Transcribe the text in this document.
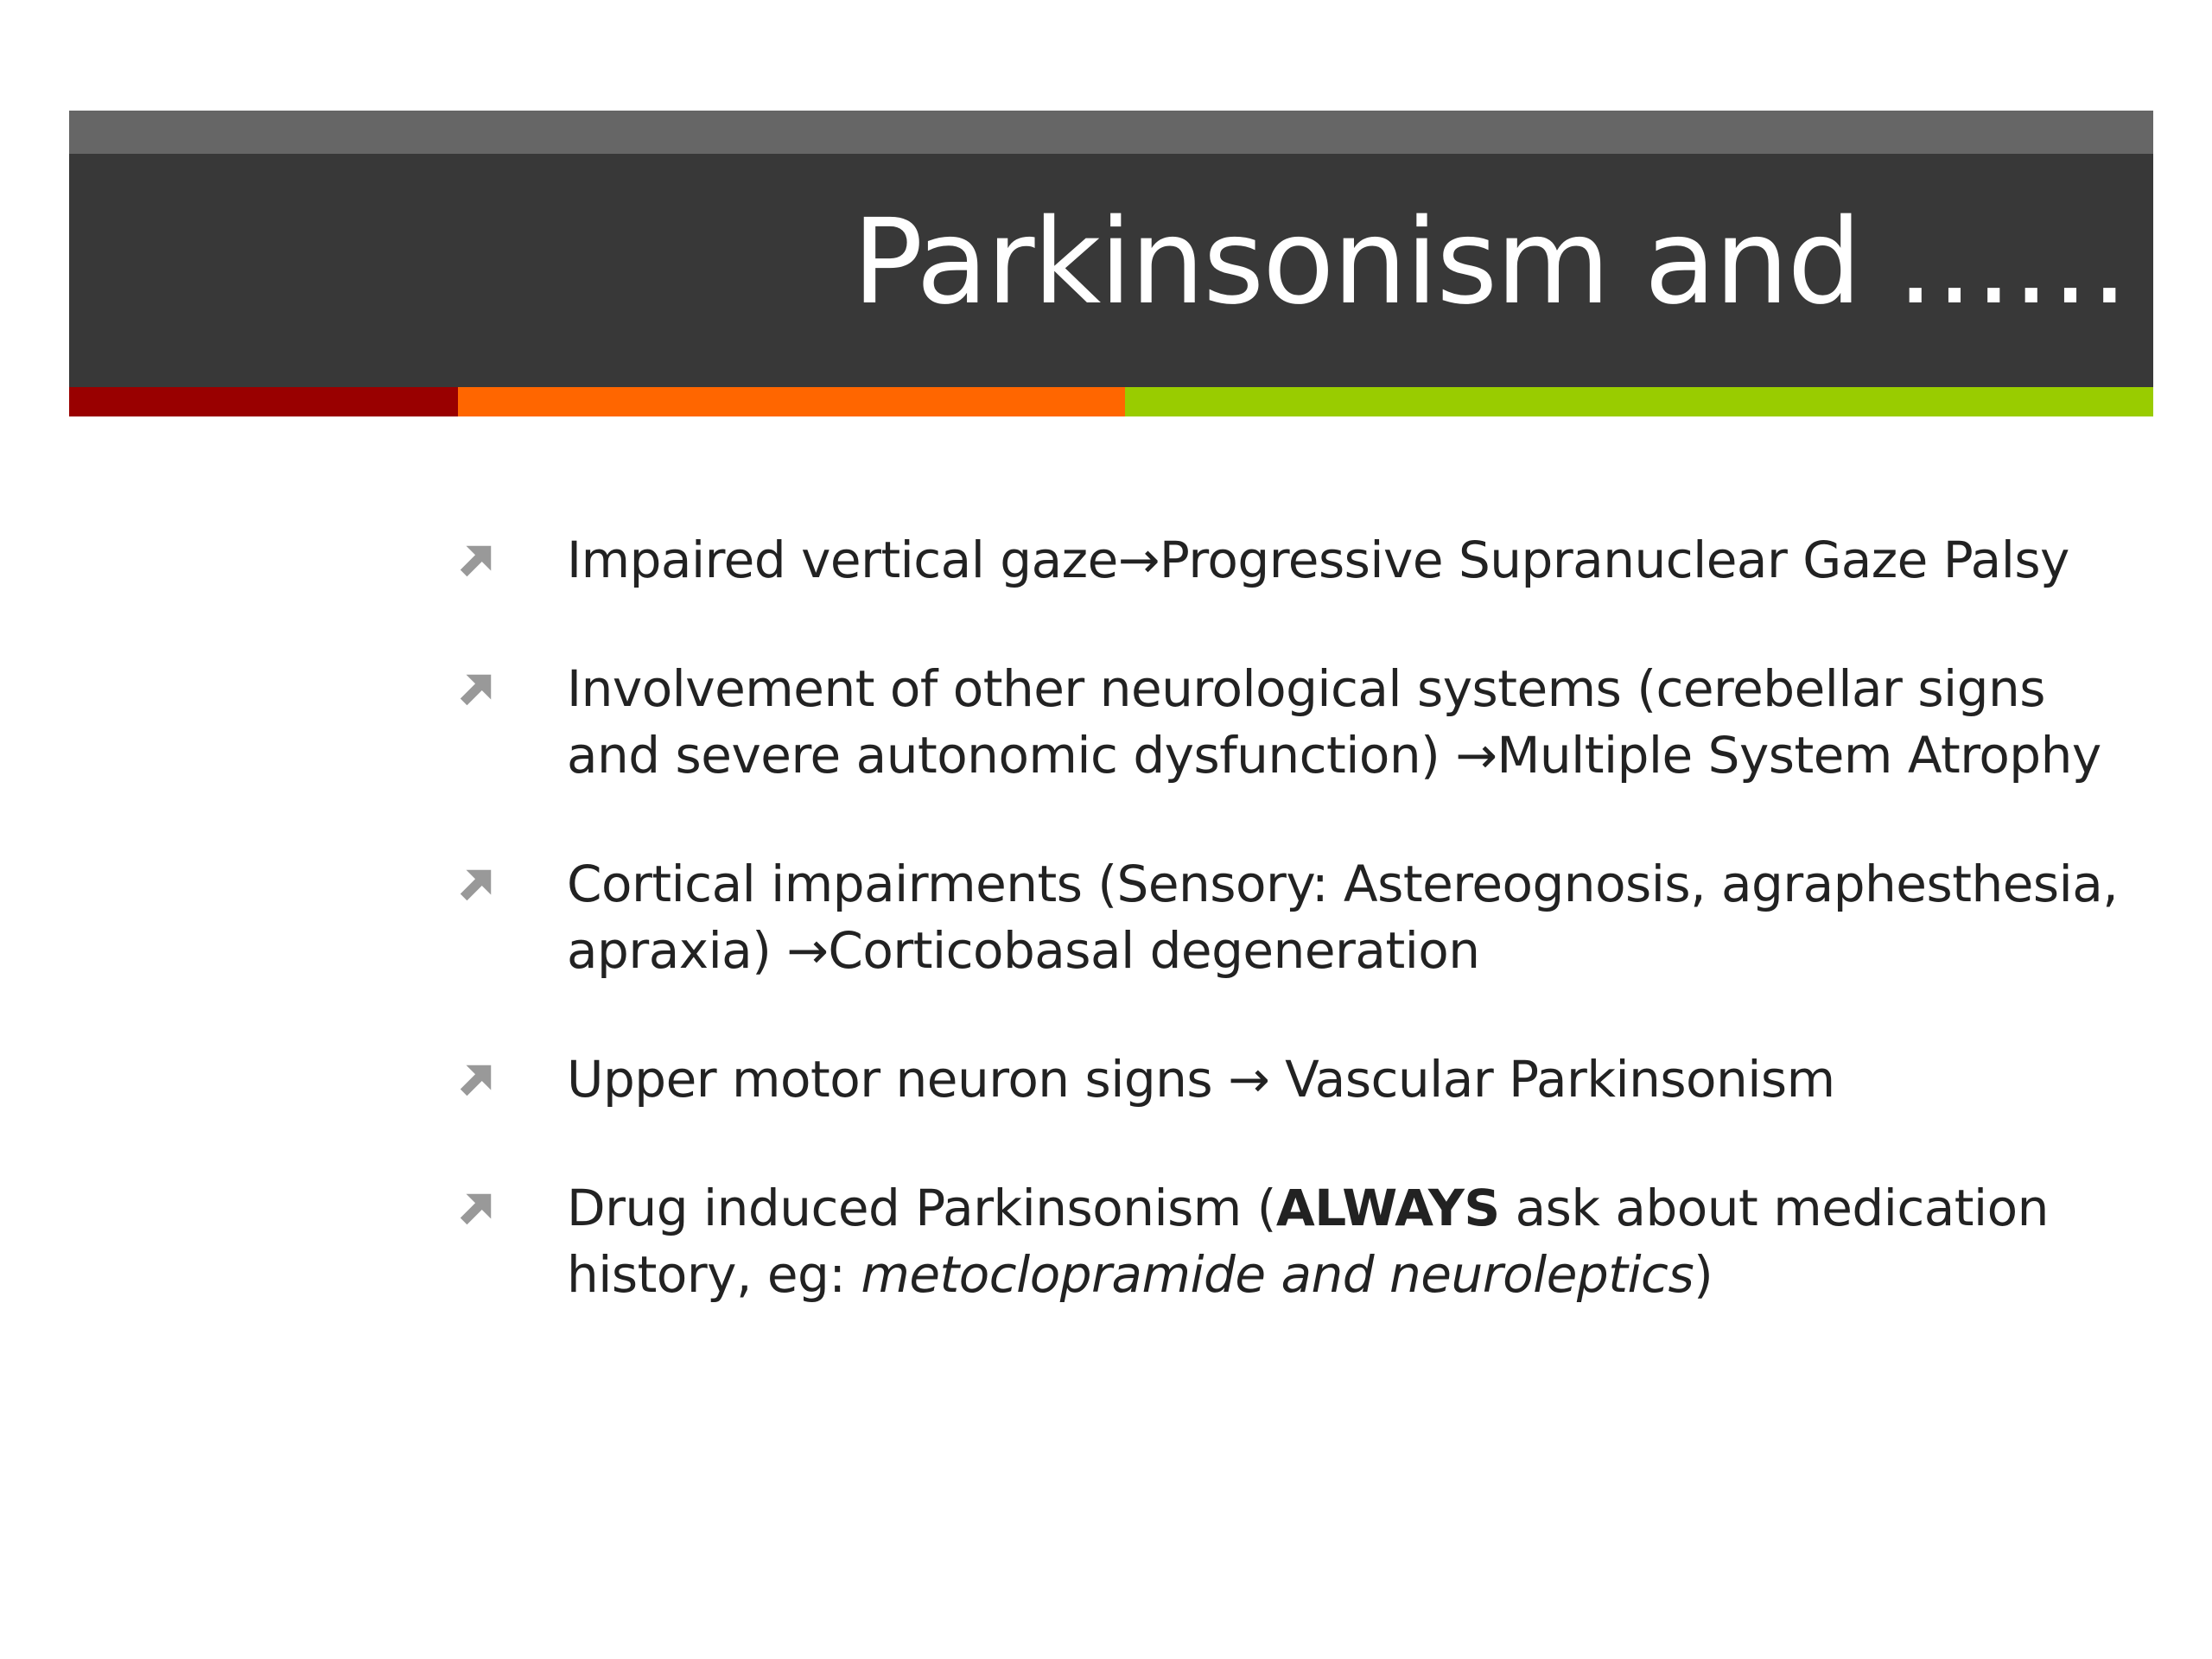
Parkinsonism and ……
Impaired vertical gaze→Progressive Supranuclear Gaze Palsy
Involvement of other neurological systems (cerebellar signs and severe autonomic dysfunction) →Multiple System Atrophy
Cortical impairments (Sensory: Astereognosis, agraphesthesia, apraxia) →Corticobasal degeneration
Upper motor neuron signs → Vascular Parkinsonism
Drug induced Parkinsonism (ALWAYS ask about medication history, eg: metoclopramide and neuroleptics)
